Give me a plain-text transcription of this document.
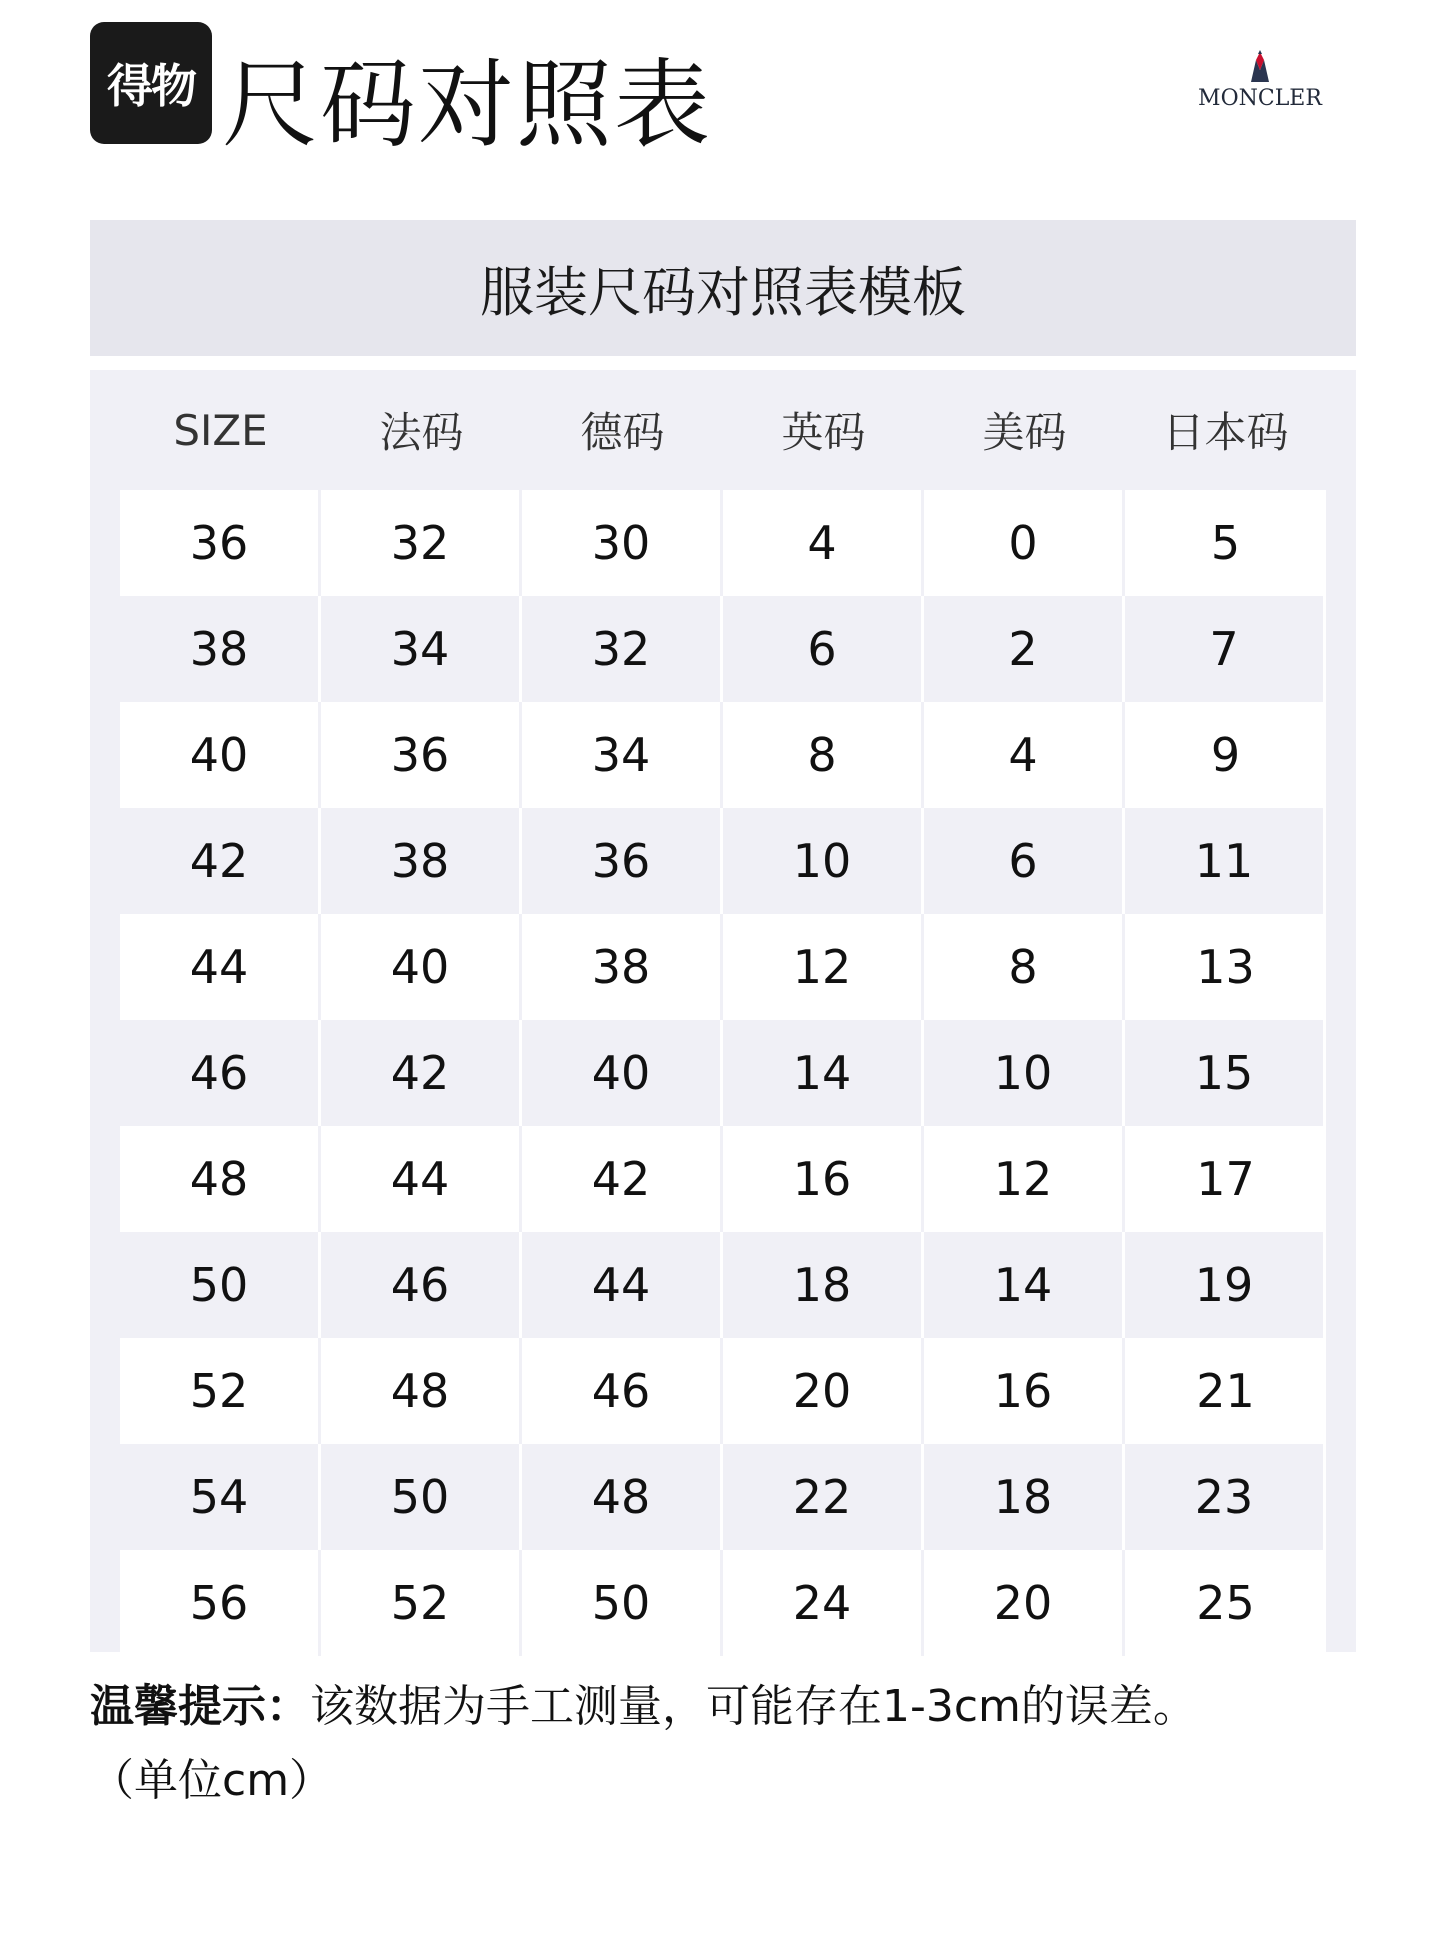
得物 尺码对照表	MONCLER
服装尺码对照表模板
SIZE	法码	德码	英码	美码	日本码
36	32	30	4	0	5
38	34	32	6	2	7
40	36	34	8	4	9
42	38	36	10	6	11
44	40	38	12	8	13
46	42	40	14	10	15
48	44	42	16	12	17
50	46	44	18	14	19
52	48	46	20	16	21
54	50	48	22	18	23
56	52	50	24	20	25
温馨提示：该数据为手工测量，可能存在1-3cm的误差。
（单位cm）
